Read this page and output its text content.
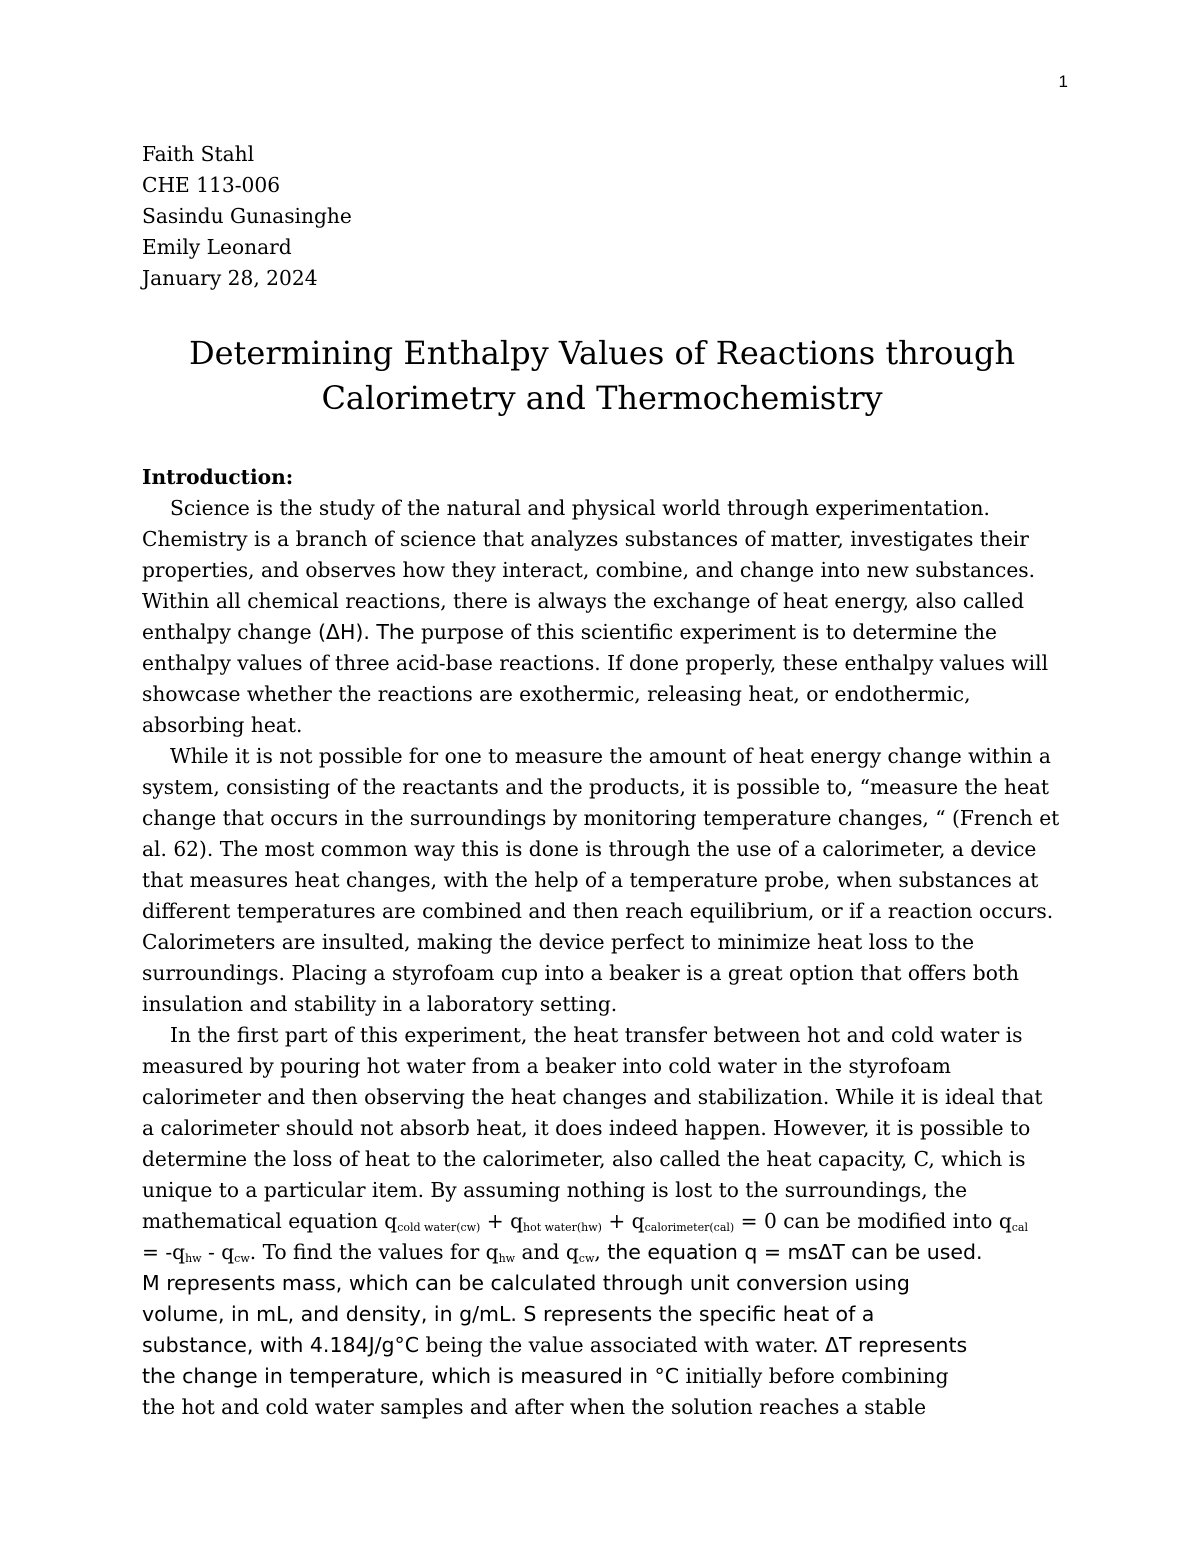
1
Faith Stahl
CHE 113-006
Sasindu Gunasinghe
Emily Leonard
January 28, 2024
Determining Enthalpy Values of Reactions through
Calorimetry and Thermochemistry
Introduction:
Science is the study of the natural and physical world through experimentation.
Chemistry is a branch of science that analyzes substances of matter, investigates their
properties, and observes how they interact, combine, and change into new substances.
Within all chemical reactions, there is always the exchange of heat energy, also called
enthalpy change (ΔH). The purpose of this scientific experiment is to determine the
enthalpy values of three acid-base reactions. If done properly, these enthalpy values will
showcase whether the reactions are exothermic, releasing heat, or endothermic,
absorbing heat.
While it is not possible for one to measure the amount of heat energy change within a
system, consisting of the reactants and the products, it is possible to, “measure the heat
change that occurs in the surroundings by monitoring temperature changes, “ (French et
al. 62). The most common way this is done is through the use of a calorimeter, a device
that measures heat changes, with the help of a temperature probe, when substances at
different temperatures are combined and then reach equilibrium, or if a reaction occurs.
Calorimeters are insulted, making the device perfect to minimize heat loss to the
surroundings. Placing a styrofoam cup into a beaker is a great option that offers both
insulation and stability in a laboratory setting.
In the first part of this experiment, the heat transfer between hot and cold water is
measured by pouring hot water from a beaker into cold water in the styrofoam
calorimeter and then observing the heat changes and stabilization. While it is ideal that
a calorimeter should not absorb heat, it does indeed happen. However, it is possible to
determine the loss of heat to the calorimeter, also called the heat capacity, C, which is
unique to a particular item. By assuming nothing is lost to the surroundings, the
mathematical equation $q_{cold water(cw)} + q_{hot water(hw)} + q_{calorimeter(cal)} = 0$ can be modified into $q_{cal}$
= $-q_{hw} - q_{cw}$. To find the values for $q_{hw}$ and $q_{cw}$, the equation q = msΔT can be used.
M represents mass, which can be calculated through unit conversion using
volume, in mL, and density, in g/mL. S represents the specific heat of a
substance, with 4.184J/g°C being the value associated with water. ΔT represents
the change in temperature, which is measured in °C initially before combining
the hot and cold water samples and after when the solution reaches a stable
